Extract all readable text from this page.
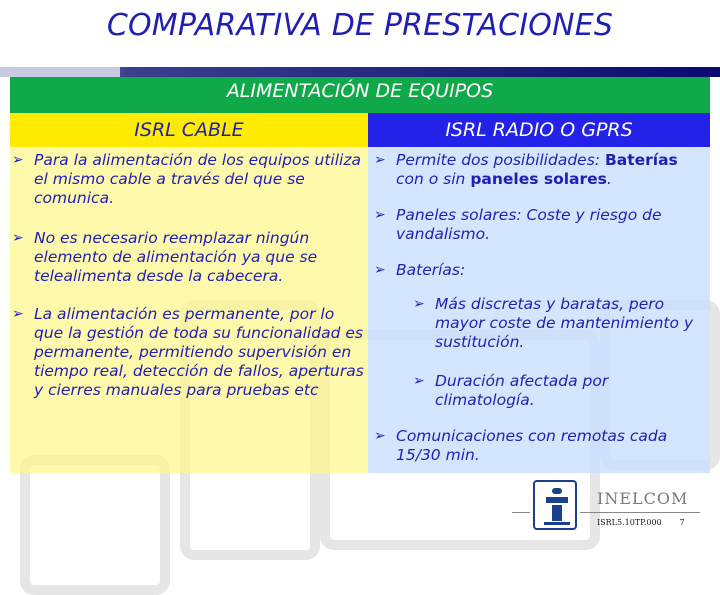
COMPARATIVA DE PRESTACIONES
ALIMENTACIÓN DE EQUIPOS
ISRL CABLE	ISRL RADIO O GPRS
➢ Para la alimentación de los equipos utiliza el mismo cable a través del que se comunica.
➢ No es necesario reemplazar ningún elemento de alimentación ya que se telealimenta desde la cabecera.
➢ La alimentación es permanente, por lo que la gestión de toda su funcionalidad es permanente, permitiendo supervisión en tiempo real, detección de fallos, aperturas y cierres manuales para pruebas etc
➢ Permite dos posibilidades: Baterías con o sin paneles solares.
➢ Paneles solares: Coste y riesgo de vandalismo.
➢ Baterías:
➢ Más discretas y baratas, pero mayor coste de mantenimiento y sustitución.
➢ Duración afectada por climatología.
➢ Comunicaciones con remotas cada 15/30 min.
INELCOM
ISRL5.10TP.000 7
